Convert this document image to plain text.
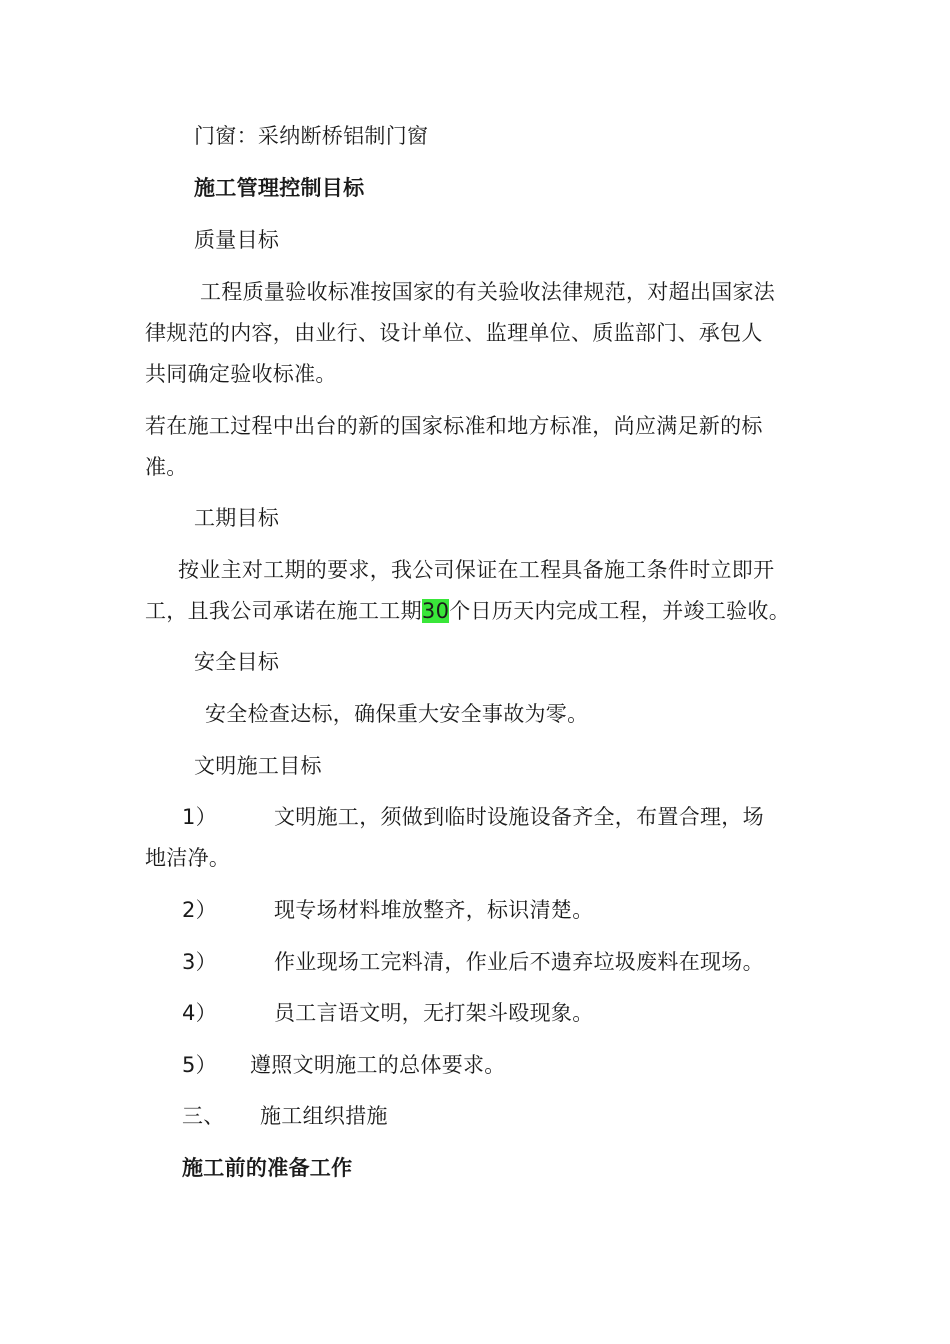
门窗：采纳断桥铝制门窗
施工管理控制目标
质量目标
工程质量验收标准按国家的有关验收法律规范，对超出国家法
律规范的内容，由业行、设计单位、监理单位、质监部门、承包人
共同确定验收标准。
若在施工过程中出台的新的国家标准和地方标准，尚应满足新的标
准。
工期目标
按业主对工期的要求，我公司保证在工程具备施工条件时立即开
工，且我公司承诺在施工工期30个日历天内完成工程，并竣工验收。
安全目标
安全检查达标，确保重大安全事故为零。
文明施工目标
1）	文明施工，须做到临时设施设备齐全，布置合理，场
地洁净。
2）	现专场材料堆放整齐，标识清楚。
3）	作业现场工完料清，作业后不遗弃垃圾废料在现场。
4）	员工言语文明，无打架斗殴现象。
5） 遵照文明施工的总体要求。
三、 施工组织措施
施工前的准备工作
